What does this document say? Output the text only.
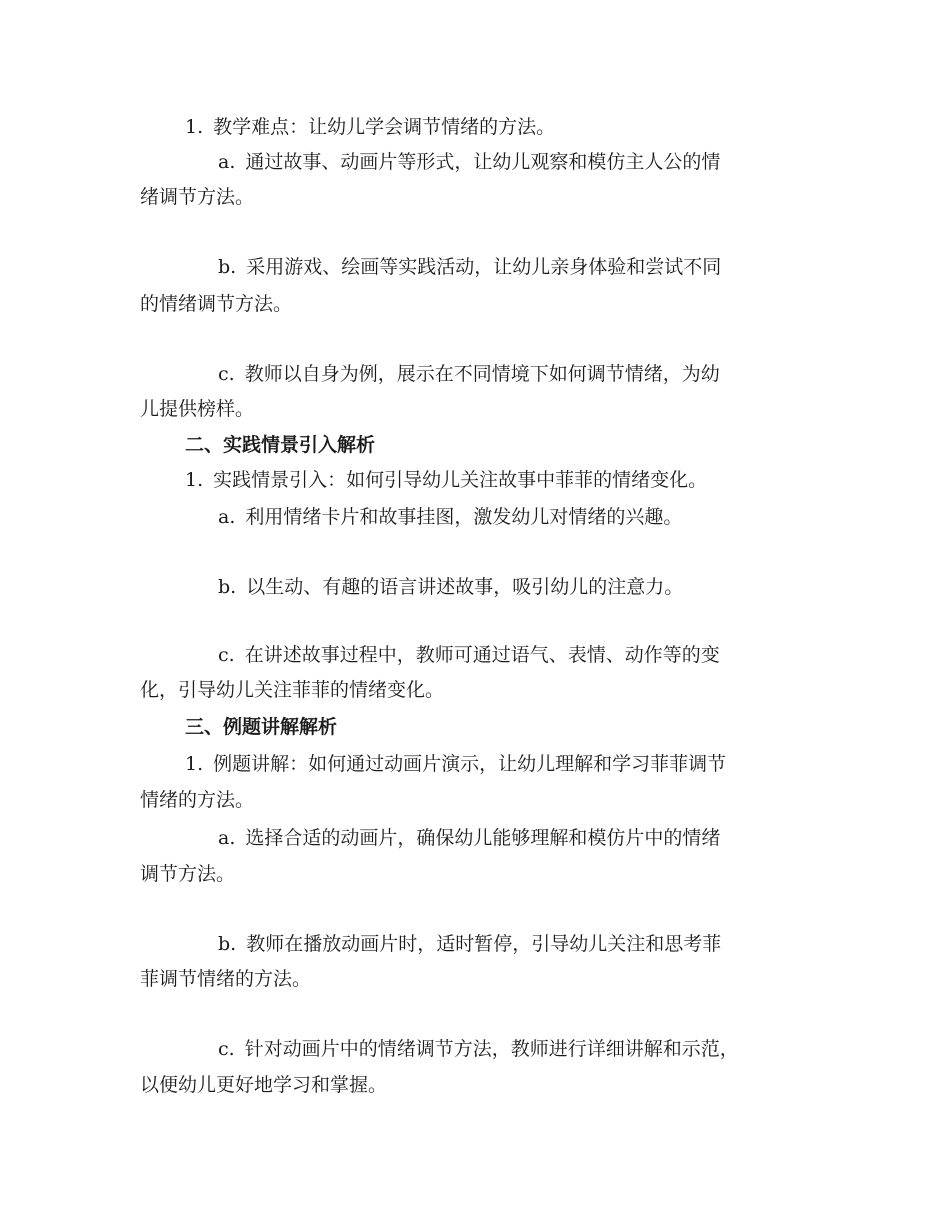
1. 教学难点：让幼儿学会调节情绪的方法。
a. 通过故事、动画片等形式，让幼儿观察和模仿主人公的情
绪调节方法。
b. 采用游戏、绘画等实践活动，让幼儿亲身体验和尝试不同
的情绪调节方法。
c. 教师以自身为例，展示在不同情境下如何调节情绪，为幼
儿提供榜样。
二、实践情景引入解析
1. 实践情景引入：如何引导幼儿关注故事中菲菲的情绪变化。
a. 利用情绪卡片和故事挂图，激发幼儿对情绪的兴趣。
b. 以生动、有趣的语言讲述故事，吸引幼儿的注意力。
c. 在讲述故事过程中，教师可通过语气、表情、动作等的变
化，引导幼儿关注菲菲的情绪变化。
三、例题讲解解析
1. 例题讲解：如何通过动画片演示，让幼儿理解和学习菲菲调节
情绪的方法。
a. 选择合适的动画片，确保幼儿能够理解和模仿片中的情绪
调节方法。
b. 教师在播放动画片时，适时暂停，引导幼儿关注和思考菲
菲调节情绪的方法。
c. 针对动画片中的情绪调节方法，教师进行详细讲解和示范，
以便幼儿更好地学习和掌握。
